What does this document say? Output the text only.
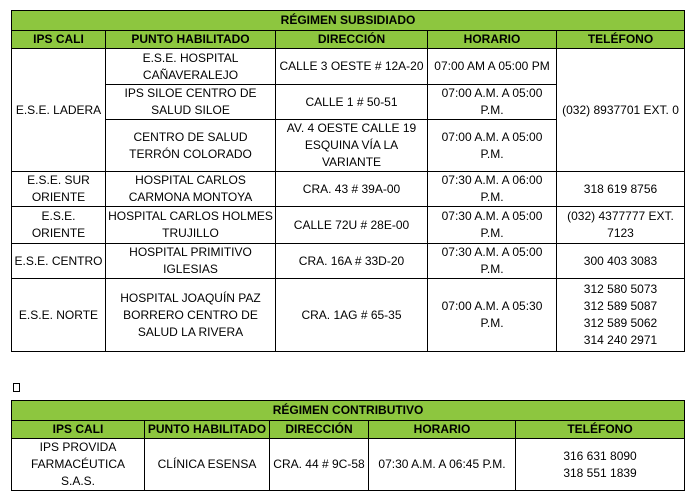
RÉGIMEN SUBSIDIADO				
IPS CALI	PUNTO HABILITADO	DIRECCIÓN	HORARIO	TELÉFONO
E.S.E. LADERA	E.S.E. HOSPITAL CAÑAVERALEJO	CALLE 3 OESTE # 12A-20	07:00 AM A 05:00 PM	(032) 8937701 EXT. 0
	IPS SILOE CENTRO DE SALUD SILOE	CALLE 1 # 50-51	07:00 A.M. A 05:00 P.M.	
	CENTRO DE SALUD TERRÓN COLORADO	AV. 4 OESTE CALLE 19 ESQUINA VÍA LA VARIANTE	07:00 A.M. A 05:00 P.M.	
E.S.E. SUR ORIENTE	HOSPITAL CARLOS CARMONA MONTOYA	CRA. 43 # 39A-00	07:30 A.M. A 06:00 P.M.	318 619 8756
E.S.E. ORIENTE	HOSPITAL CARLOS HOLMES TRUJILLO	CALLE 72U # 28E-00	07:30 A.M. A 05:00 P.M.	(032) 4377777 EXT. 7123
E.S.E. CENTRO	HOSPITAL PRIMITIVO IGLESIAS	CRA. 16A # 33D-20	07:30 A.M. A 05:00 P.M.	300 403 3083
E.S.E. NORTE	HOSPITAL JOAQUÍN PAZ BORRERO CENTRO DE SALUD LA RIVERA	CRA. 1AG # 65-35	07:00 A.M. A 05:30 P.M.	312 580 5073
312 589 5087
312 589 5062
314 240 2971
RÉGIMEN CONTRIBUTIVO				
IPS CALI	PUNTO HABILITADO	DIRECCIÓN	HORARIO	TELÉFONO
IPS PROVIDA FARMACÉUTICA S.A.S.	CLÍNICA ESENSA	CRA. 44 # 9C-58	07:30 A.M. A 06:45 P.M.	316 631 8090
318 551 1839
